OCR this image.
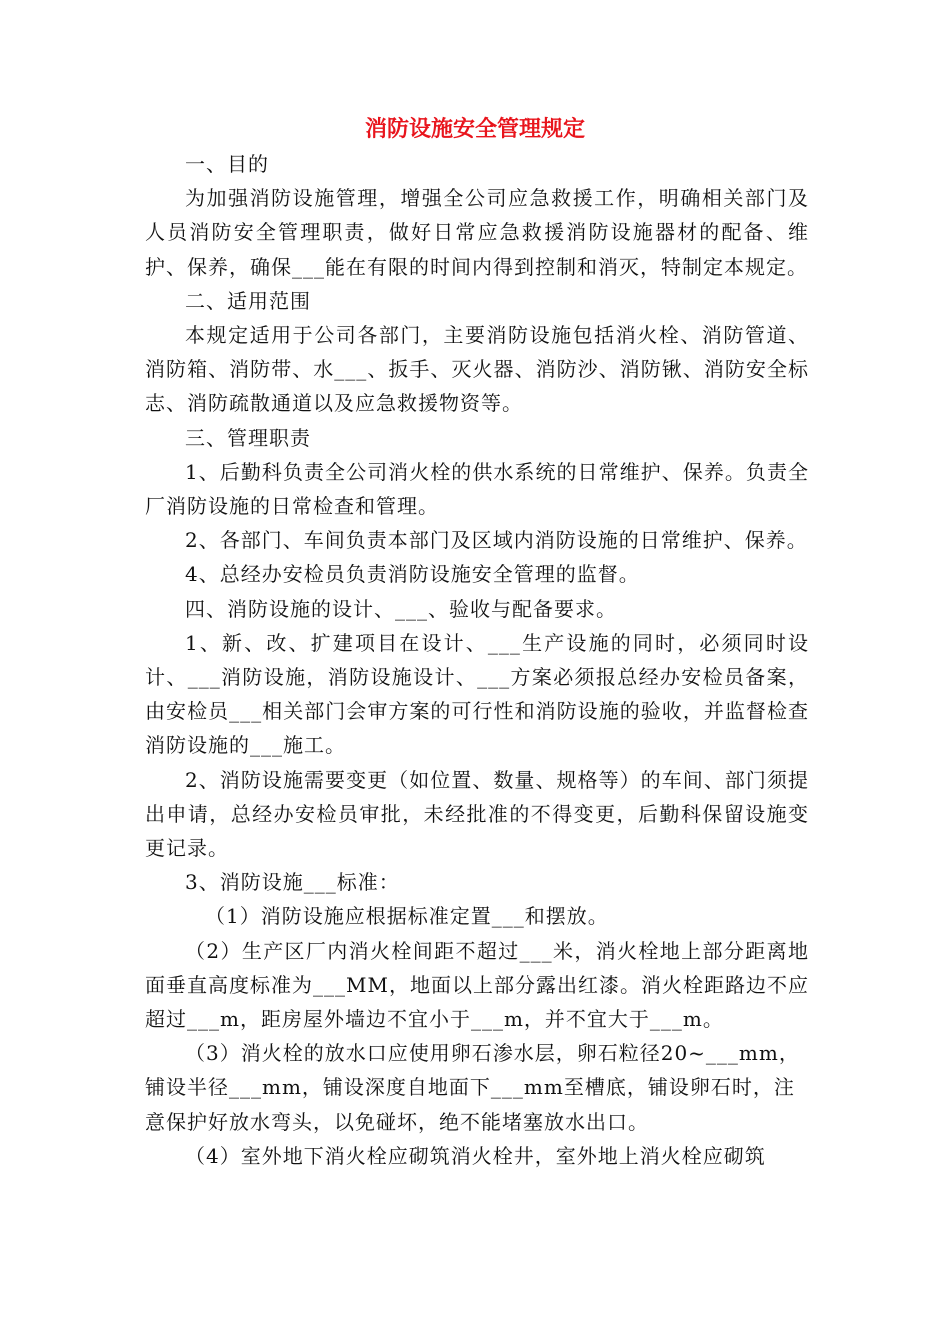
消防设施安全管理规定

一、目的

为加强消防设施管理，增强全公司应急救援工作，明确相关部门及人员消防安全管理职责，做好日常应急救援消防设施器材的配备、维护、保养，确保___能在有限的时间内得到控制和消灭，特制定本规定。

二、适用范围

本规定适用于公司各部门，主要消防设施包括消火栓、消防管道、消防箱、消防带、水___、扳手、灭火器、消防沙、消防锹、消防安全标志、消防疏散通道以及应急救援物资等。

三、管理职责

1、后勤科负责全公司消火栓的供水系统的日常维护、保养。负责全厂消防设施的日常检查和管理。

2、各部门、车间负责本部门及区域内消防设施的日常维护、保养。

4、总经办安检员负责消防设施安全管理的监督。

四、消防设施的设计、___、验收与配备要求。

1、新、改、扩建项目在设计、___生产设施的同时，必须同时设计、___消防设施，消防设施设计、___方案必须报总经办安检员备案，由安检员___相关部门会审方案的可行性和消防设施的验收，并监督检查消防设施的___施工。

2、消防设施需要变更（如位置、数量、规格等）的车间、部门须提出申请，总经办安检员审批，未经批准的不得变更，后勤科保留设施变更记录。

3、消防设施___标准：

（1）消防设施应根据标准定置___和摆放。

（2）生产区厂内消火栓间距不超过___米，消火栓地上部分距离地面垂直高度标准为___MM，地面以上部分露出红漆。消火栓距路边不应超过___m，距房屋外墙边不宜小于___m，并不宜大于___m。

（3）消火栓的放水口应使用卵石渗水层，卵石粒径20~___mm，铺设半径___mm，铺设深度自地面下___mm至槽底，铺设卵石时，注意保护好放水弯头，以免碰坏，绝不能堵塞放水出口。

（4）室外地下消火栓应砌筑消火栓井，室外地上消火栓应砌筑
